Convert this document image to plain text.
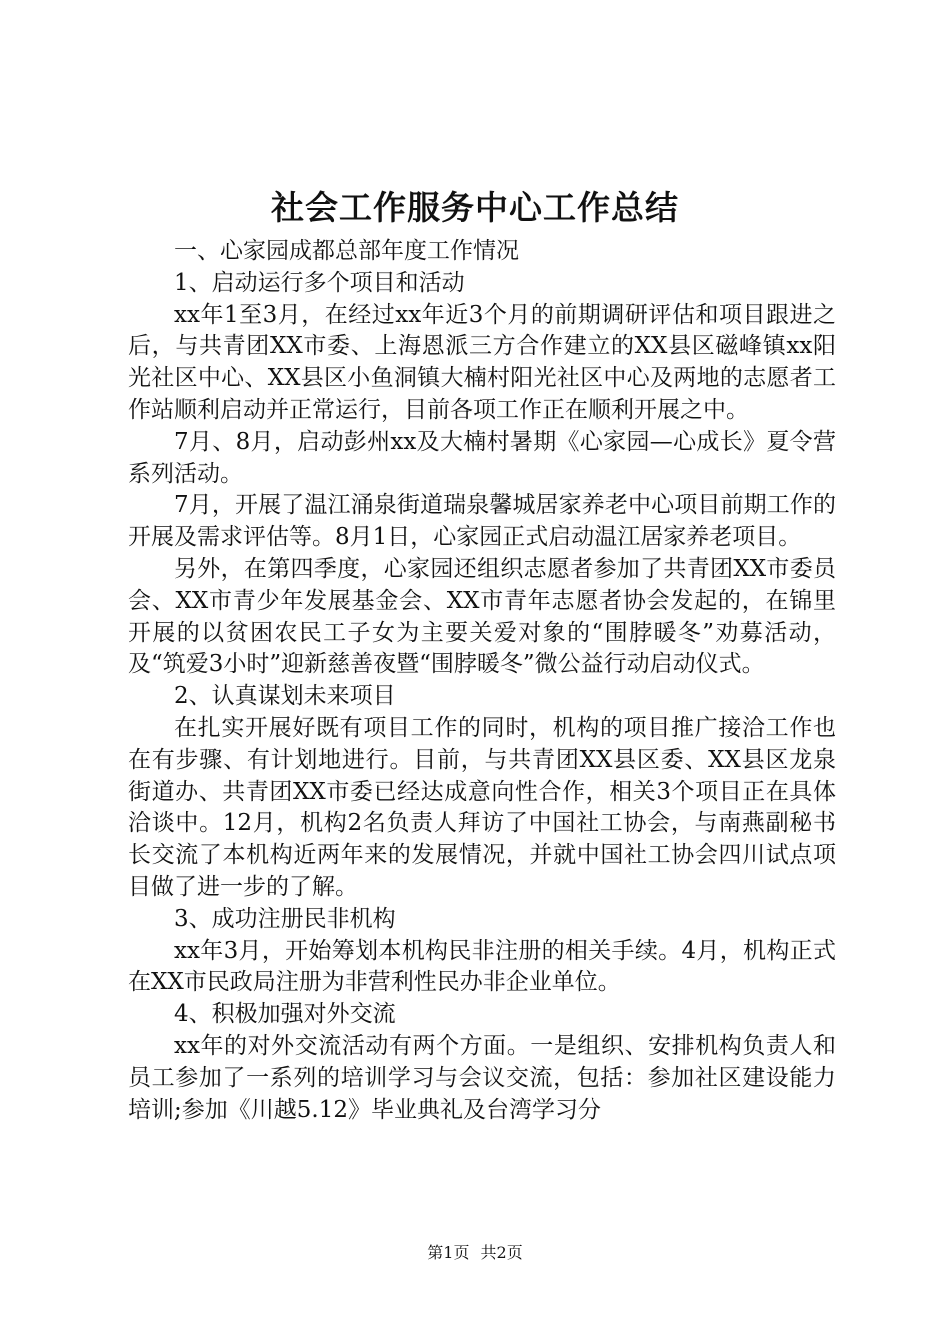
社会工作服务中心工作总结

一、心家园成都总部年度工作情况

1、启动运行多个项目和活动

xx年1至3月，在经过xx年近3个月的前期调研评估和项目跟进之后，与共青团XX市委、上海恩派三方合作建立的XX县区磁峰镇xx阳光社区中心、XX县区小鱼洞镇大楠村阳光社区中心及两地的志愿者工作站顺利启动并正常运行，目前各项工作正在顺利开展之中。

7月、8月，启动彭州xx及大楠村暑期《心家园—心成长》夏令营系列活动。

7月，开展了温江涌泉街道瑞泉馨城居家养老中心项目前期工作的开展及需求评估等。8月1日，心家园正式启动温江居家养老项目。

另外，在第四季度，心家园还组织志愿者参加了共青团XX市委员会、XX市青少年发展基金会、XX市青年志愿者协会发起的，在锦里开展的以贫困农民工子女为主要关爱对象的“围脖暖冬”劝募活动，及“筑爱3小时”迎新慈善夜暨“围脖暖冬”微公益行动启动仪式。

2、认真谋划未来项目

在扎实开展好既有项目工作的同时，机构的项目推广接洽工作也在有步骤、有计划地进行。目前，与共青团XX县区委、XX县区龙泉街道办、共青团XX市委已经达成意向性合作，相关3个项目正在具体洽谈中。12月，机构2名负责人拜访了中国社工协会，与南燕副秘书长交流了本机构近两年来的发展情况，并就中国社工协会四川试点项目做了进一步的了解。

3、成功注册民非机构

xx年3月，开始筹划本机构民非注册的相关手续。4月，机构正式在XX市民政局注册为非营利性民办非企业单位。

4、积极加强对外交流

xx年的对外交流活动有两个方面。一是组织、安排机构负责人和员工参加了一系列的培训学习与会议交流，包括：参加社区建设能力培训;参加《川越5.12》毕业典礼及台湾学习分

第1页 共2页
